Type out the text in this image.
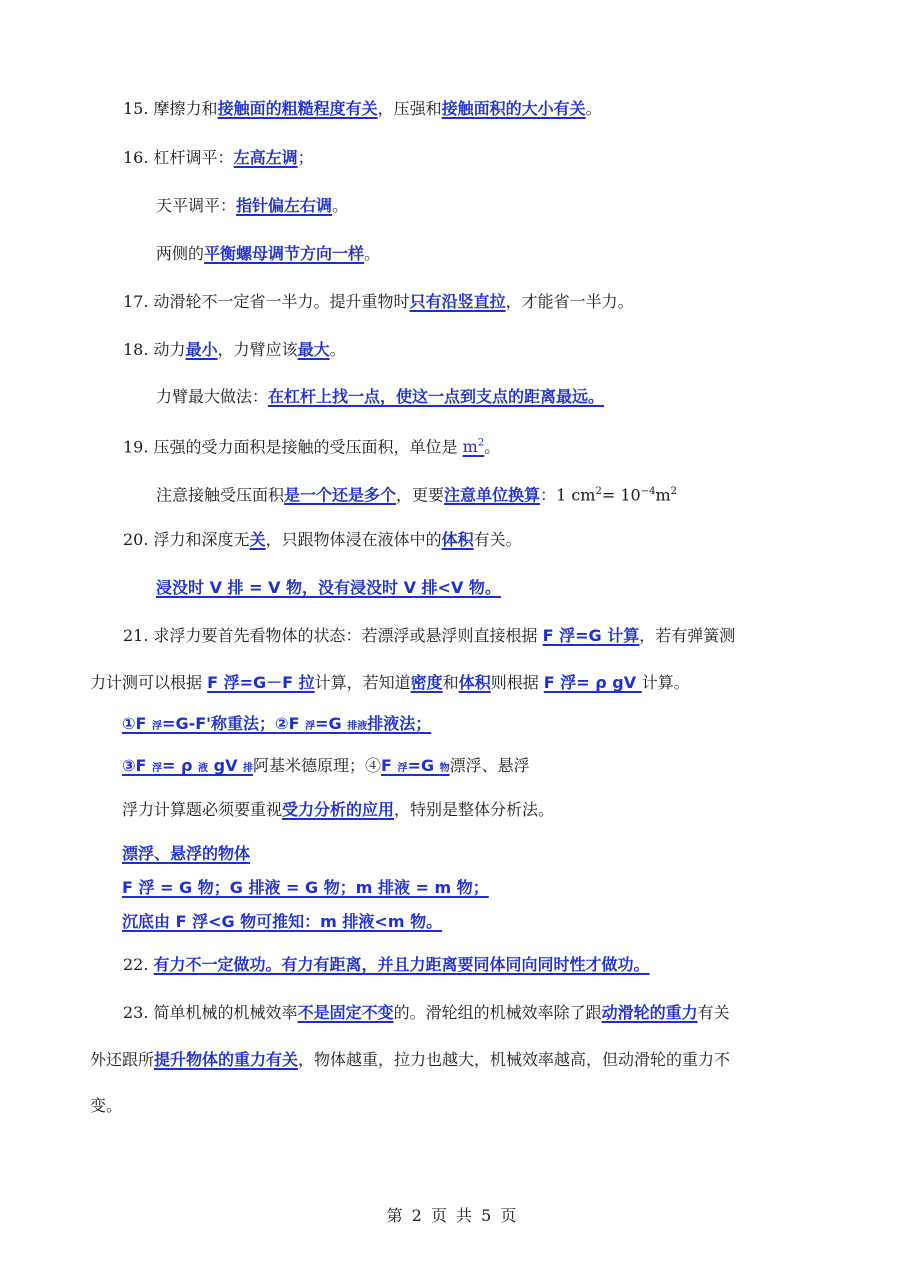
15. 摩擦力和接触面的粗糙程度有关，压强和接触面积的大小有关。
16. 杠杆调平：左高左调；
天平调平：指针偏左右调。
两侧的平衡螺母调节方向一样。
17. 动滑轮不一定省一半力。提升重物时只有沿竖直拉，才能省一半力。
18. 动力最小，力臂应该最大。
力臂最大做法：在杠杆上找一点，使这一点到支点的距离最远。
19. 压强的受力面积是接触的受压面积，单位是 $m^2$。
注意接触受压面积是一个还是多个，更要注意单位换算：1 $cm^2= 10^{-4}m^2$
20. 浮力和深度无关，只跟物体浸在液体中的体积有关。
浸没时 V 排 = V 物，没有浸没时 V 排<V 物。
21. 求浮力要首先看物体的状态：若漂浮或悬浮则直接根据 F 浮=G 计算，若有弹簧测
力计测可以根据 F 浮=G－F 拉计算，若知道密度和体积则根据 F 浮= ρ gV 计算。
①F 浮=G-F'称重法；②F 浮=G 排液排液法；
③F 浮= ρ 液 gV 排阿基米德原理；④F 浮=G 物漂浮、悬浮
浮力计算题必须要重视受力分析的应用，特别是整体分析法。
漂浮、悬浮的物体
F 浮 = G 物；G 排液 = G 物；m 排液 = m 物；
沉底由 F 浮<G 物可推知：m 排液<m 物。
22. 有力不一定做功。有力有距离，并且力距离要同体同向同时性才做功。
23. 简单机械的机械效率不是固定不变的。滑轮组的机械效率除了跟动滑轮的重力有关
外还跟所提升物体的重力有关，物体越重，拉力也越大，机械效率越高，但动滑轮的重力不
变。
第 2 页 共 5 页
